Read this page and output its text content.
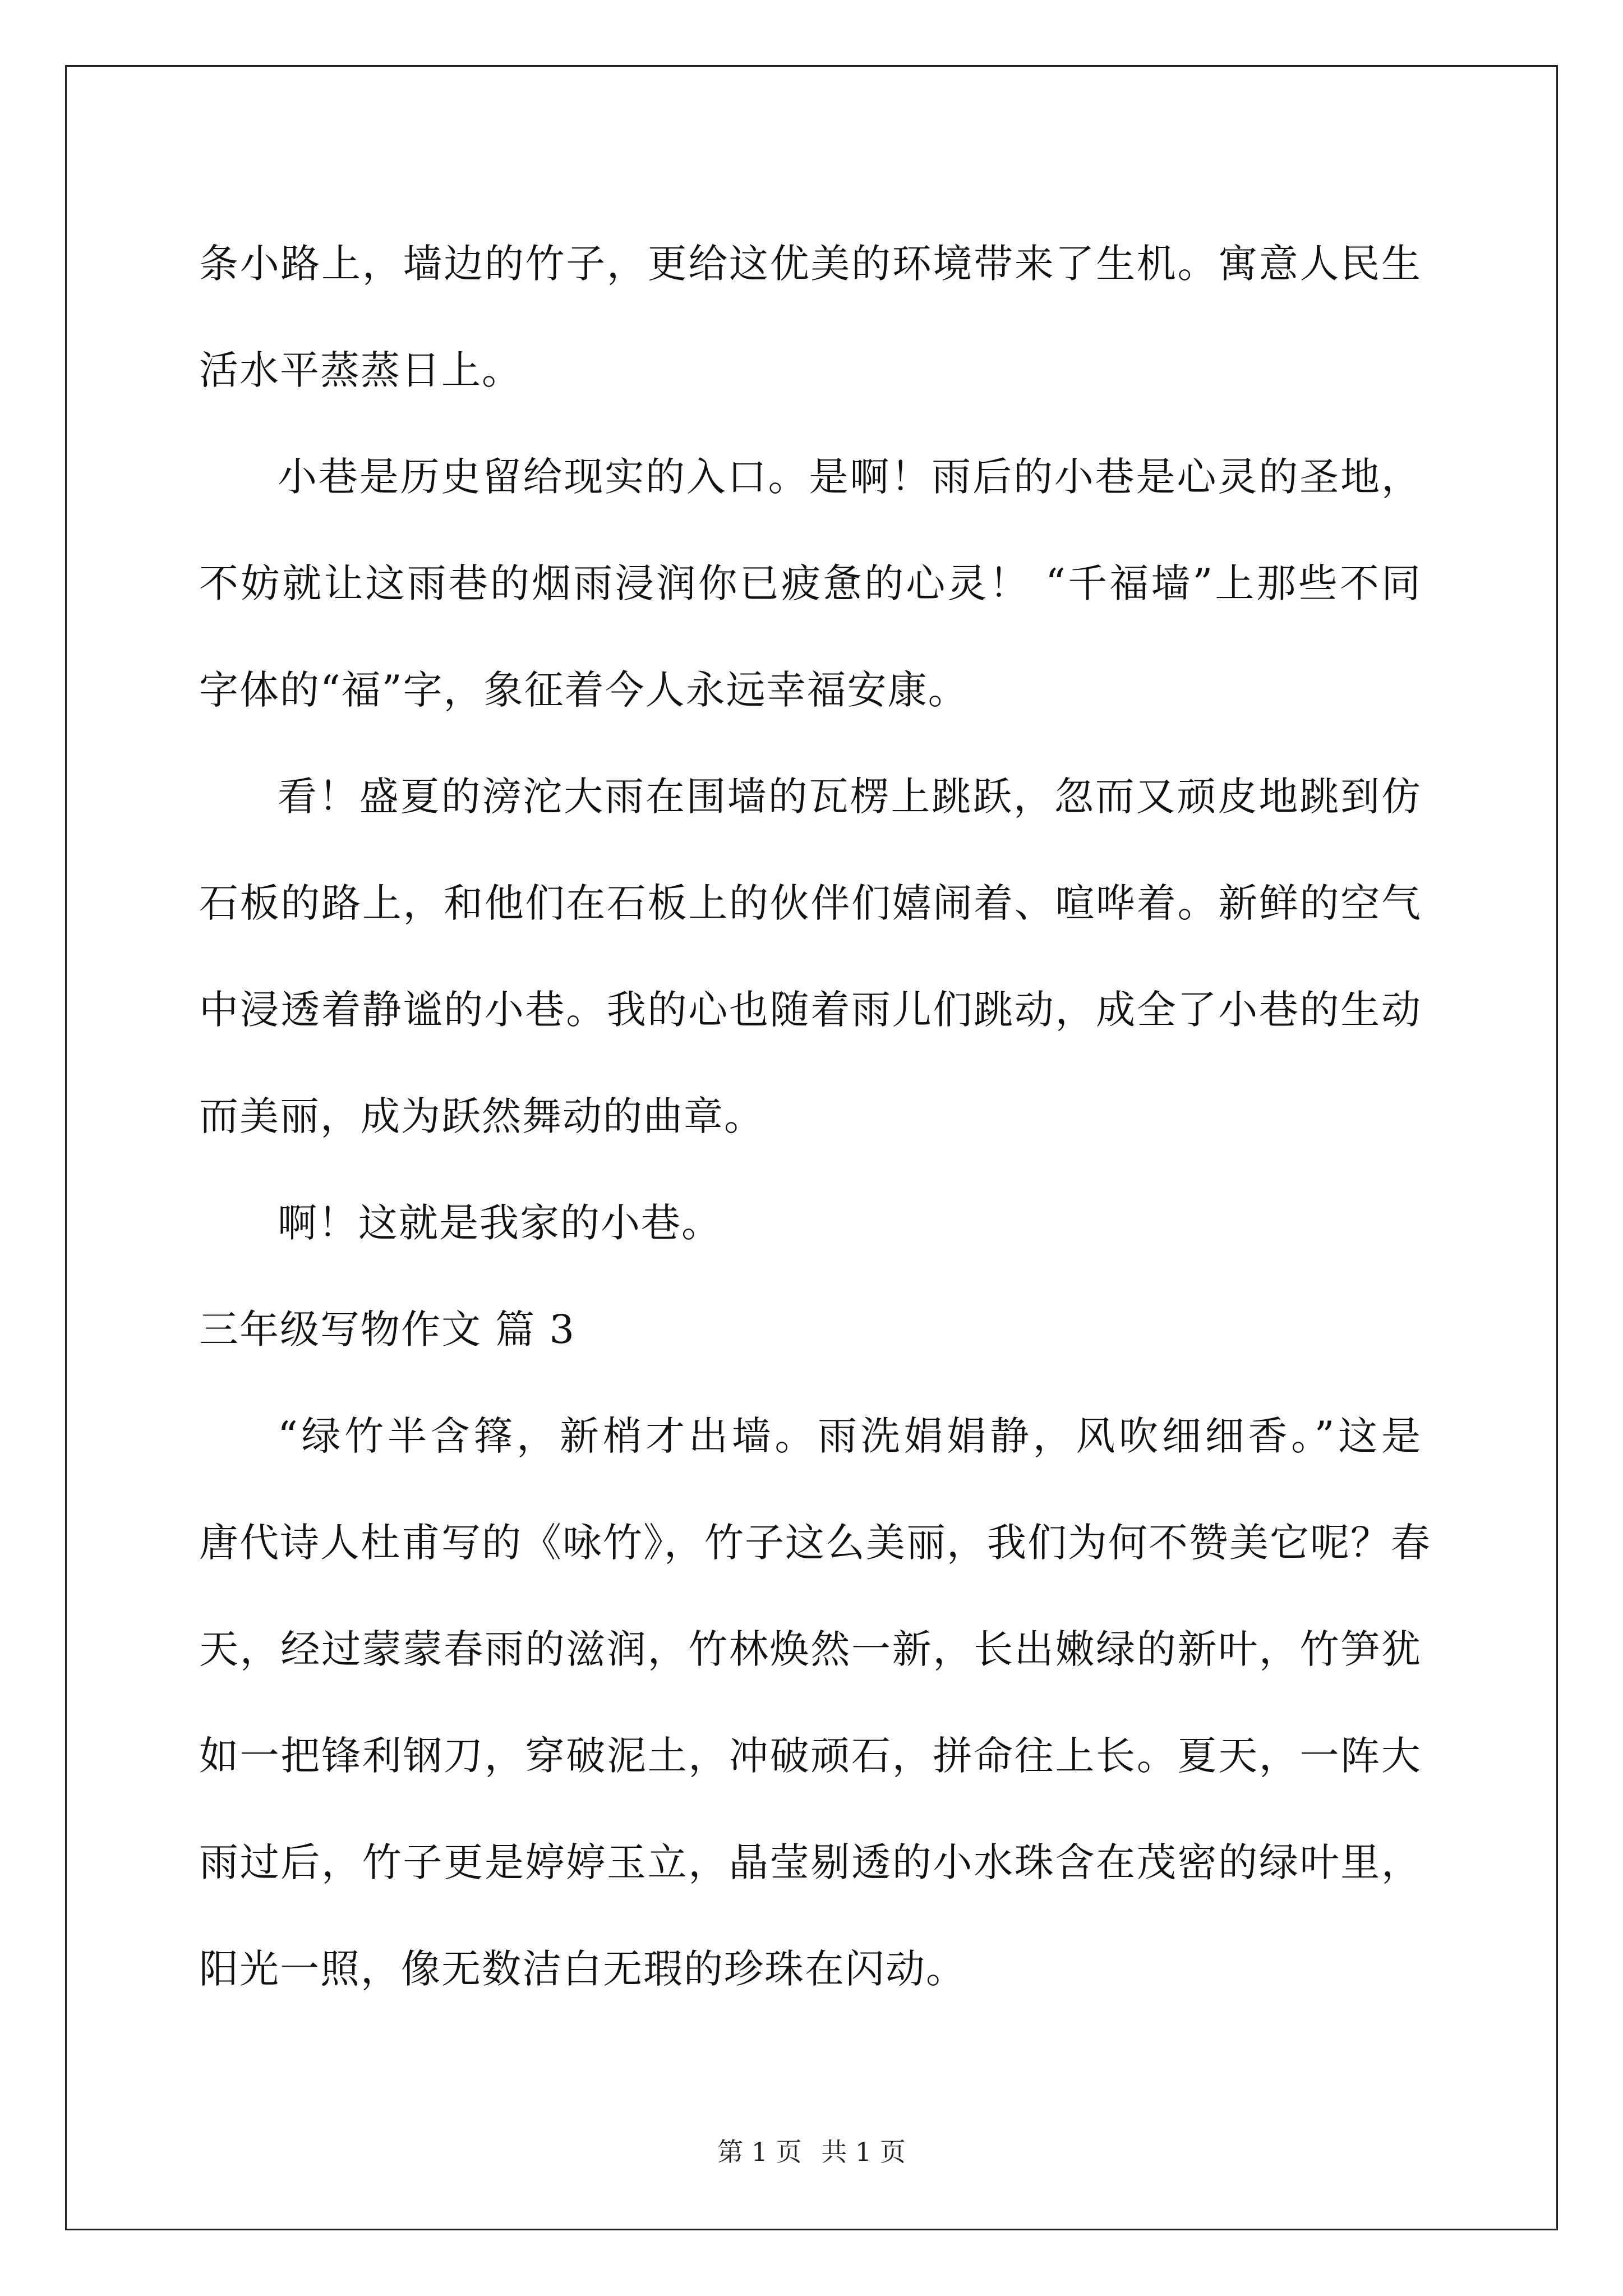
条小路上，墙边的竹子，更给这优美的环境带来了生机。寓意人民生
活水平蒸蒸日上。
小巷是历史留给现实的入口。是啊！雨后的小巷是心灵的圣地，
不妨就让这雨巷的烟雨浸润你已疲惫的心灵！ “千福墙”上那些不同
字体的“福”字，象征着今人永远幸福安康。
看！盛夏的滂沱大雨在围墙的瓦楞上跳跃，忽而又顽皮地跳到仿
石板的路上，和他们在石板上的伙伴们嬉闹着、喧哗着。新鲜的空气
中浸透着静谧的小巷。我的心也随着雨儿们跳动，成全了小巷的生动
而美丽，成为跃然舞动的曲章。
啊！这就是我家的小巷。
三年级写物作文 篇 3
“绿竹半含箨，新梢才出墙。雨洗娟娟静，风吹细细香。”这是
唐代诗人杜甫写的《咏竹》，竹子这么美丽，我们为何不赞美它呢？春
天，经过蒙蒙春雨的滋润，竹林焕然一新，长出嫩绿的新叶，竹笋犹
如一把锋利钢刀，穿破泥土，冲破顽石，拼命往上长。夏天，一阵大
雨过后，竹子更是婷婷玉立，晶莹剔透的小水珠含在茂密的绿叶里，
阳光一照，像无数洁白无瑕的珍珠在闪动。
第 1 页 共 1 页
